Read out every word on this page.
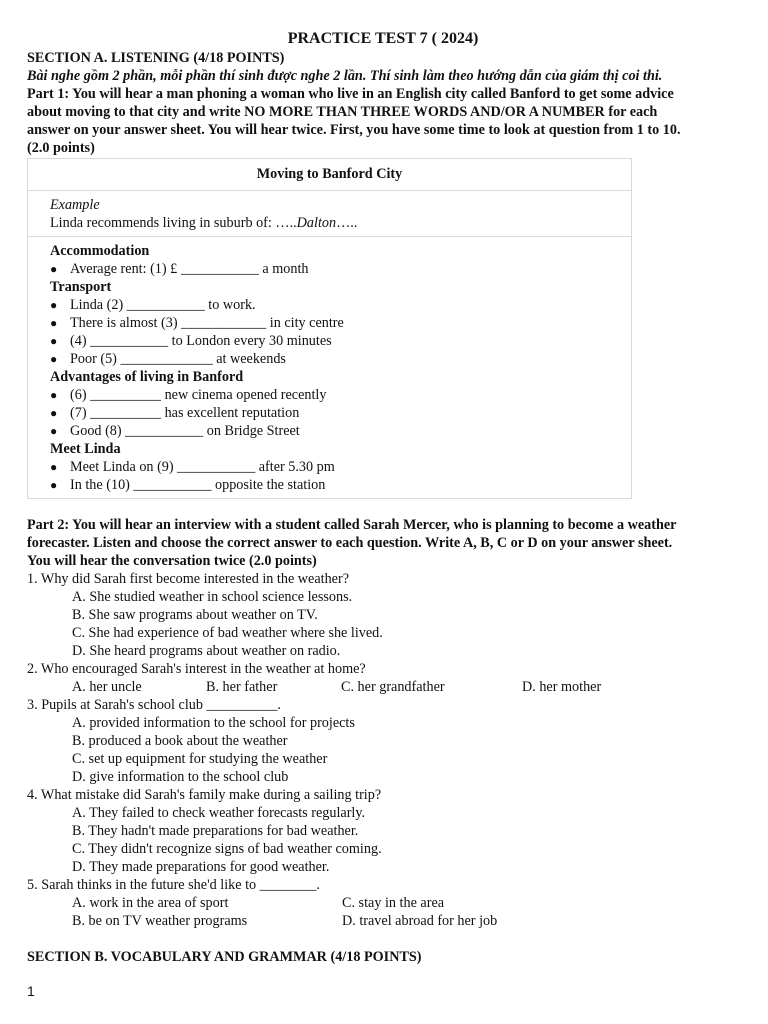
PRACTICE TEST 7 ( 2024)

SECTION A. LISTENING (4/18 POINTS)

Bài nghe gồm 2 phần, mỗi phần thí sinh được nghe 2 lần. Thí sinh làm theo hướng dẫn của giám thị coi thi.

Part 1: You will hear a man phoning a woman who live in an English city called Banford to get some advice

about moving to that city and write NO MORE THAN THREE WORDS AND/OR A NUMBER for each

answer on your answer sheet. You will hear twice. First, you have some time to look at question from 1 to 10.

(2.0 points)

Moving to Banford City
Example
Linda recommends living in suburb of: …..Dalton…..
Accommodation
● Average rent: (1) £ ___________ a month
Transport
● Linda (2) ___________ to work.
● There is almost (3) ____________ in city centre
● (4) ___________ to London every 30 minutes
● Poor (5) _____________ at weekends
Advantages of living in Banford
● (6) __________ new cinema opened recently
● (7) __________ has excellent reputation
● Good (8) ___________ on Bridge Street
Meet Linda
● Meet Linda on (9) ___________ after 5.30 pm
● In the (10) ___________ opposite the station

Part 2: You will hear an interview with a student called Sarah Mercer, who is planning to become a weather

forecaster. Listen and choose the correct answer to each question. Write A, B, C or D on your answer sheet.

You will hear the conversation twice (2.0 points)

1. Why did Sarah first become interested in the weather?

A. She studied weather in school science lessons.

B. She saw programs about weather on TV.

C. She had experience of bad weather where she lived.

D. She heard programs about weather on radio.

2. Who encouraged Sarah's interest in the weather at home?

A. her uncle	B. her father	C. her grandfather	D. her mother

3. Pupils at Sarah's school club __________.

A. provided information to the school for projects

B. produced a book about the weather

C. set up equipment for studying the weather

D. give information to the school club

4. What mistake did Sarah's family make during a sailing trip?

A. They failed to check weather forecasts regularly.

B. They hadn't made preparations for bad weather.

C. They didn't recognize signs of bad weather coming.

D. They made preparations for good weather.

5. Sarah thinks in the future she'd like to ________.

A. work in the area of sport	C. stay in the area
B. be on TV weather programs	D. travel abroad for her job

SECTION B. VOCABULARY AND GRAMMAR (4/18 POINTS)

1
